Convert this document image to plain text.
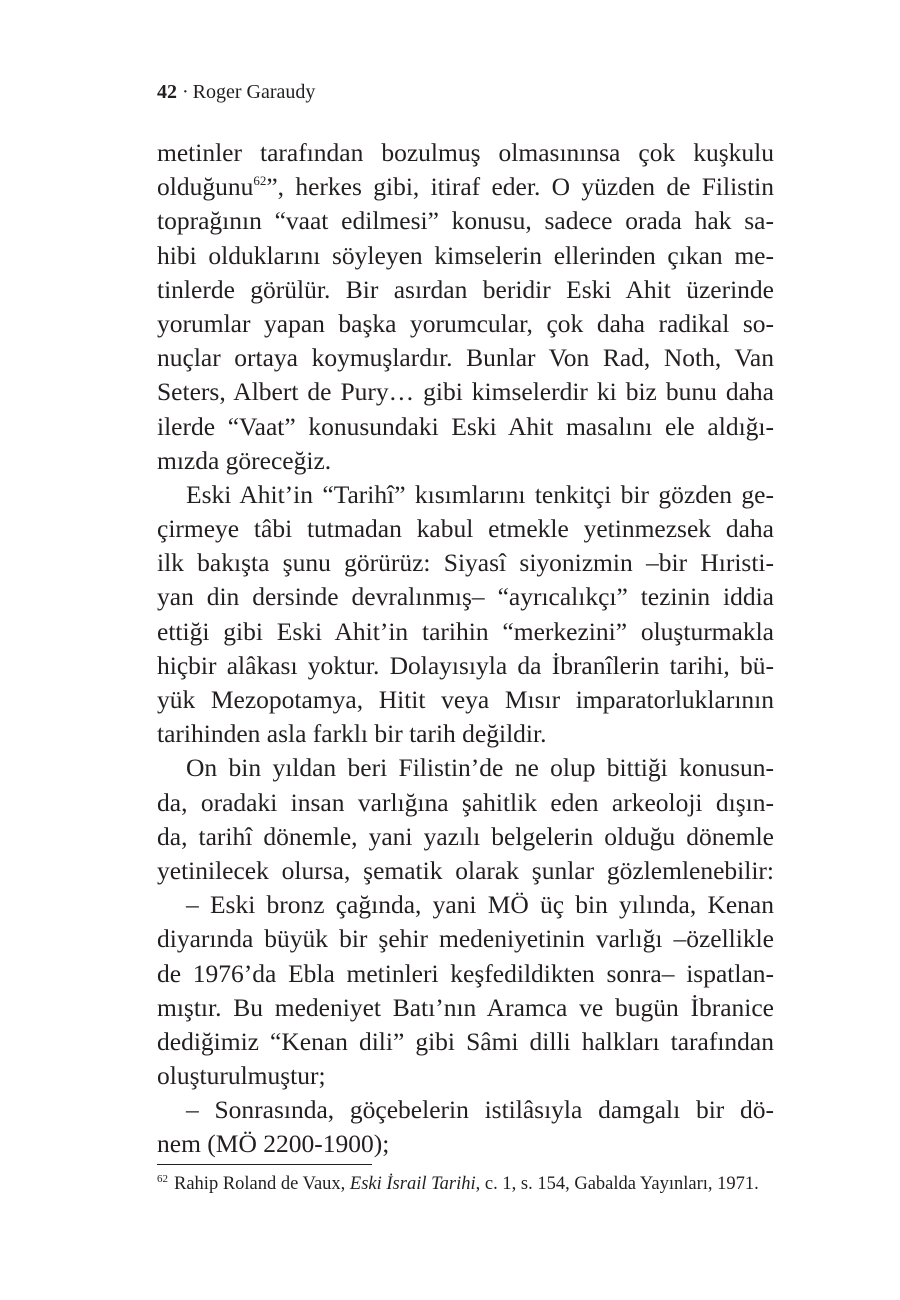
42 · Roger Garaudy
metinler tarafından bozulmuş olmasınınsa çok kuşkulu
olduğunu$^{62}$”, herkes gibi, itiraf eder. O yüzden de Filistin
toprağının “vaat edilmesi” konusu, sadece orada hak sa-
hibi olduklarını söyleyen kimselerin ellerinden çıkan me-
tinlerde görülür. Bir asırdan beridir Eski Ahit üzerinde
yorumlar yapan başka yorumcular, çok daha radikal so-
nuçlar ortaya koymuşlardır. Bunlar Von Rad, Noth, Van
Seters, Albert de Pury… gibi kimselerdir ki biz bunu daha
ilerde “Vaat” konusundaki Eski Ahit masalını ele aldığı-
mızda göreceğiz.
Eski Ahit’in “Tarihî” kısımlarını tenkitçi bir gözden ge-
çirmeye tâbi tutmadan kabul etmekle yetinmezsek daha
ilk bakışta şunu görürüz: Siyasî siyonizmin –bir Hıristi-
yan din dersinde devralınmış– “ayrıcalıkçı” tezinin iddia
ettiği gibi Eski Ahit’in tarihin “merkezini” oluşturmakla
hiçbir alâkası yoktur. Dolayısıyla da İbranîlerin tarihi, bü-
yük Mezopotamya, Hitit veya Mısır imparatorluklarının
tarihinden asla farklı bir tarih değildir.
On bin yıldan beri Filistin’de ne olup bittiği konusun-
da, oradaki insan varlığına şahitlik eden arkeoloji dışın-
da, tarihî dönemle, yani yazılı belgelerin olduğu dönemle
yetinilecek olursa, şematik olarak şunlar gözlemlenebilir:
– Eski bronz çağında, yani MÖ üç bin yılında, Kenan
diyarında büyük bir şehir medeniyetinin varlığı –özellikle
de 1976’da Ebla metinleri keşfedildikten sonra– ispatlan-
mıştır. Bu medeniyet Batı’nın Aramca ve bugün İbranice
dediğimiz “Kenan dili” gibi Sâmi dilli halkları tarafından
oluşturulmuştur;
– Sonrasında, göçebelerin istilâsıyla damgalı bir dö-
nem (MÖ 2200-1900);
$^{62}$ Rahip Roland de Vaux, Eski İsrail Tarihi, c. 1, s. 154, Gabalda Yayınları, 1971.
